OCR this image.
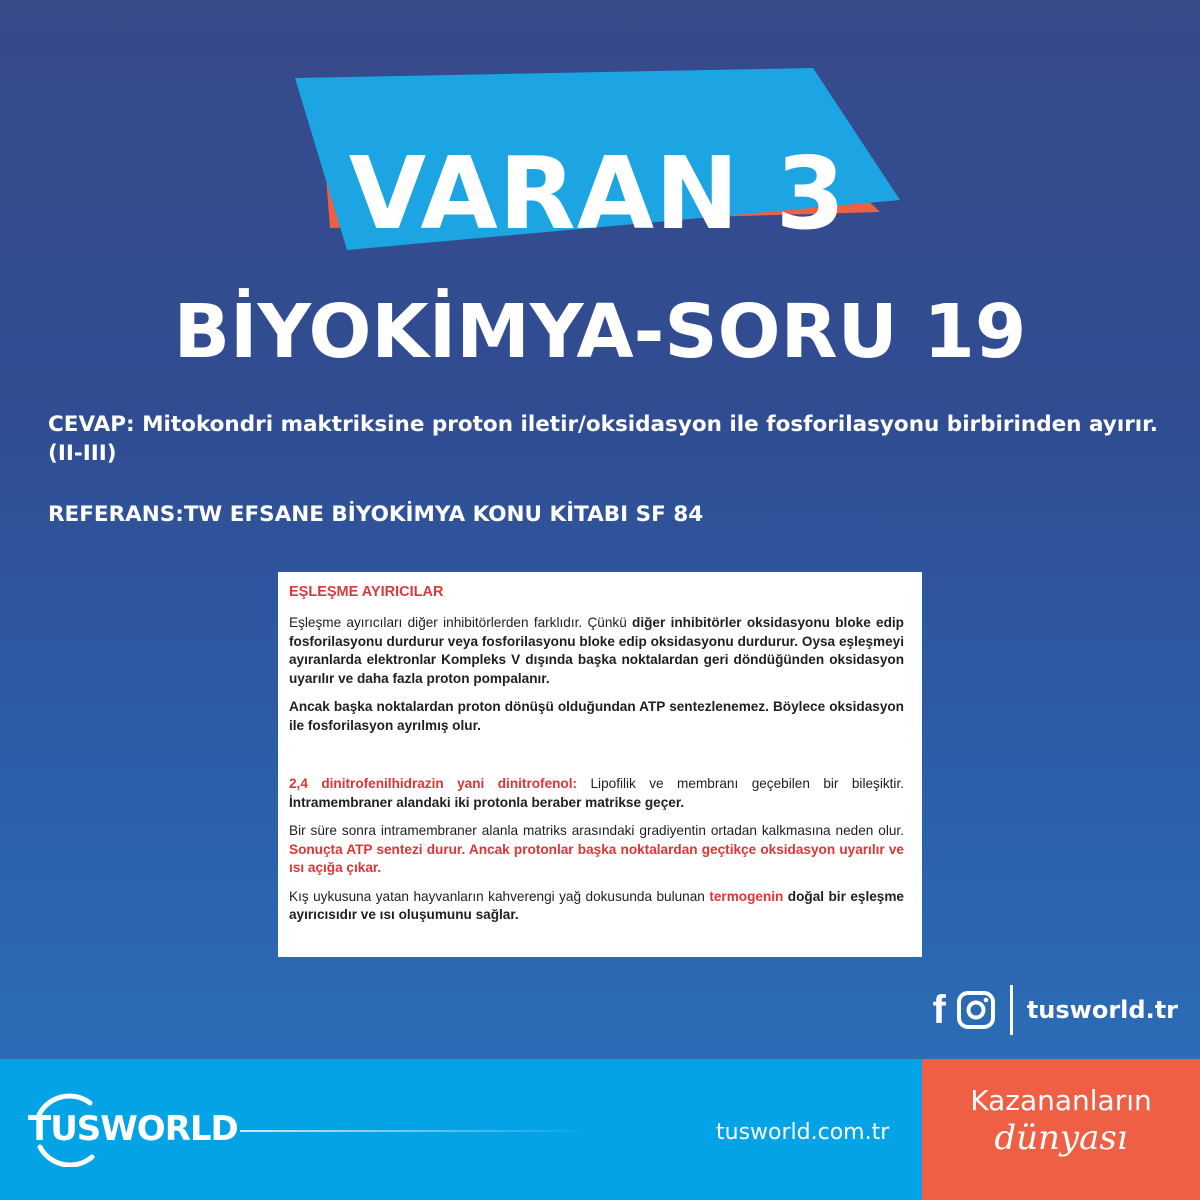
VARAN 3
BİYOKİMYA-SORU 19
CEVAP: Mitokondri maktriksine proton iletir/oksidasyon ile fosforilasyonu birbirinden ayırır. (II-III)
REFERANS:TW EFSANE BİYOKİMYA KONU KİTABI SF 84
EŞLEŞME AYIRICILAR

Eşleşme ayırıcıları diğer inhibitörlerden farklıdır. Çünkü diğer inhibitörler oksidasyonu bloke edip fosforilasyonu durdurur veya fosforilasyonu bloke edip oksidasyonu durdurur. Oysa eşleşmeyi ayıranlarda elektronlar Kompleks V dışında başka noktalardan geri döndüğünden oksidasyon uyarılır ve daha fazla proton pompalanır.

Ancak başka noktalardan proton dönüşü olduğundan ATP sentezlenemez. Böylece oksidasyon ile fosforilasyon ayrılmış olur.

2,4 dinitrofenilhidrazin yani dinitrofenol: Lipofilik ve membranı geçebilen bir bileşiktir. İntramembraner alandaki iki protonla beraber matrikse geçer.

Bir süre sonra intramembraner alanla matriks arasındaki gradiyentin ortadan kalkmasına neden olur. Sonuçta ATP sentezi durur. Ancak protonlar başka noktalardan geçtikçe oksidasyon uyarılır ve ısı açığa çıkar.

Kış uykusuna yatan hayvanların kahverengi yağ dokusunda bulunan termogenin doğal bir eşleşme ayırıcısıdır ve ısı oluşumunu sağlar.

f	tusworld.tr
TUSWORLD	tusworld.com.tr
Kazananların
dünyası
